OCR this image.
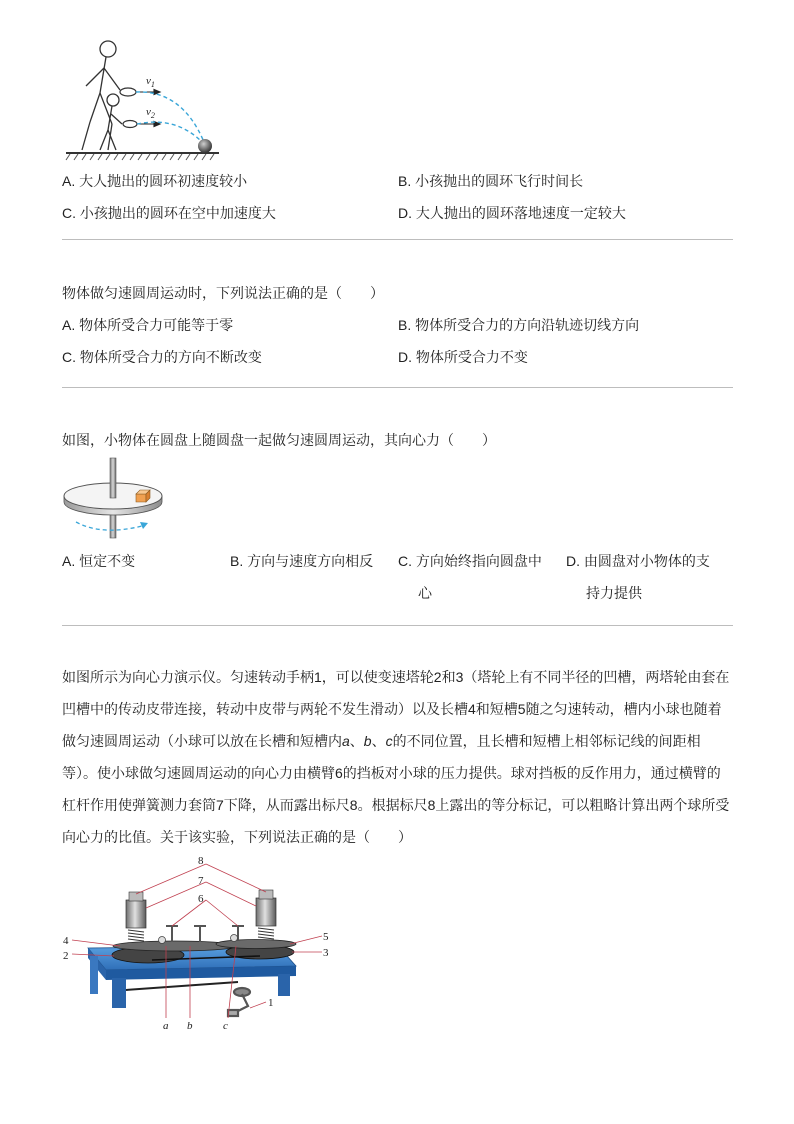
$v_1$
$v_2$
A. 大人抛出的圆环初速度较小	B. 小孩抛出的圆环飞行时间长
C. 小孩抛出的圆环在空中加速度大	D. 大人抛出的圆环落地速度一定较大
物体做匀速圆周运动时，下列说法正确的是（　　）
A. 物体所受合力可能等于零	B. 物体所受合力的方向沿轨迹切线方向
C. 物体所受合力的方向不断改变	D. 物体所受合力不变
如图，小物体在圆盘上随圆盘一起做匀速圆周运动，其向心力（　　）
A. 恒定不变	B. 方向与速度方向相反 C. 方向始终指向圆盘中
心
D. 由圆盘对小物体的支
持力提供

如图所示为向心力演示仪。匀速转动手柄1，可以使变速塔轮2和3（塔轮上有不同半径的凹槽，两塔轮由套在

凹槽中的传动皮带连接，转动中皮带与两轮不发生滑动）以及长槽4和短槽5随之匀速转动，槽内小球也随着

做匀速圆周运动（小球可以放在长槽和短槽内a、b、c的不同位置，且长槽和短槽上相邻标记线的间距相

等）。使小球做匀速圆周运动的向心力由横臂6的挡板对小球的压力提供。球对挡板的反作用力，通过横臂的

杠杆作用使弹簧测力套筒7下降，从而露出标尺8。根据标尺8上露出的等分标记，可以粗略计算出两个球所受

向心力的比值。关于该实验，下列说法正确的是（　　）

8
7
6
4
2
5
3
1
a b	c
